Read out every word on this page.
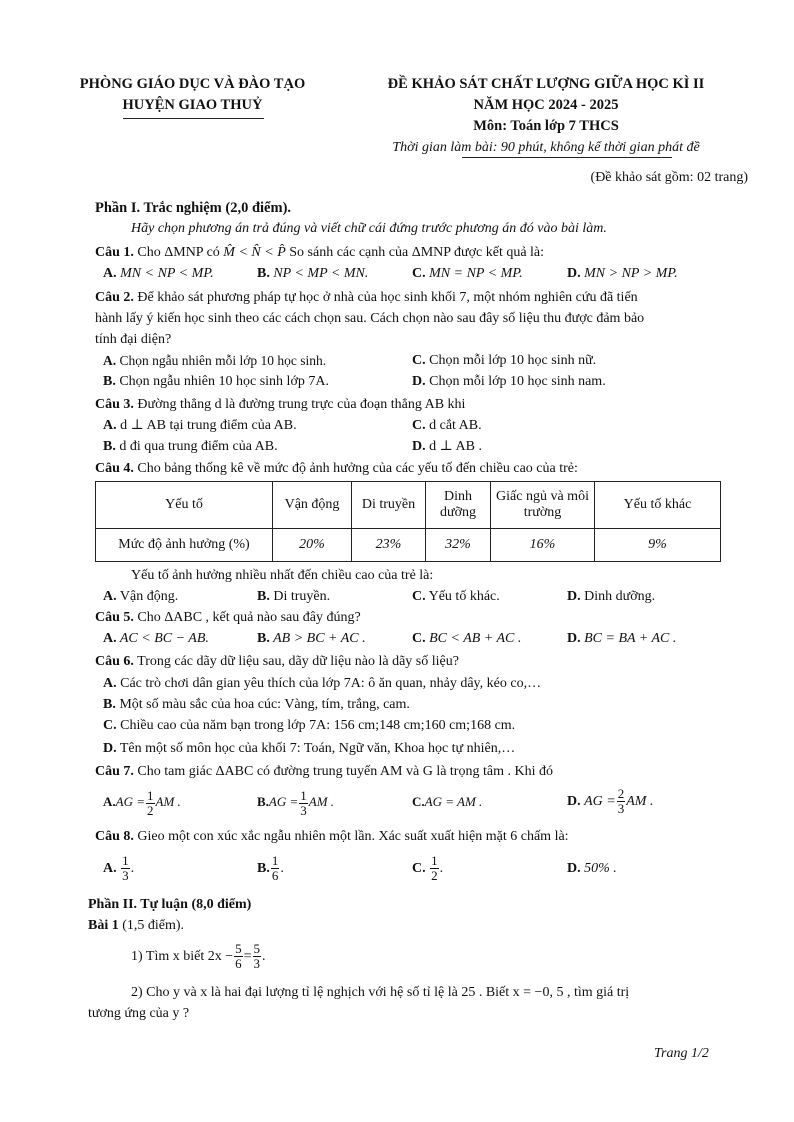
PHÒNG GIÁO DỤC VÀ ĐÀO TẠO
HUYỆN GIAO THUỶ
ĐỀ KHẢO SÁT CHẤT LƯỢNG GIỮA HỌC KÌ II
NĂM HỌC 2024 - 2025
Môn: Toán lớp 7 THCS
Thời gian làm bài: 90 phút, không kể thời gian phát đề
(Đề khảo sát gồm: 02 trang)
Phần I. Trắc nghiệm (2,0 điểm).
Hãy chọn phương án trả đúng và viết chữ cái đứng trước phương án đó vào bài làm.
Câu 1. Cho ΔMNP có M̂ < N̂ < P̂ So sánh các cạnh của ΔMNP được kết quả là:
A. MN < NP < MP.	B. NP < MP < MN.	C. MN = NP < MP.	D. MN > NP > MP.
Câu 2. Để khảo sát phương pháp tự học ở nhà của học sinh khối 7, một nhóm nghiên cứu đã tiến
hành lấy ý kiến học sinh theo các cách chọn sau. Cách chọn nào sau đây số liệu thu được đảm bảo
tính đại diện?
A. Chọn ngẫu nhiên mỗi lớp 10 học sinh.	C. Chọn mỗi lớp 10 học sinh nữ.
B. Chọn ngẫu nhiên 10 học sinh lớp 7A.	D. Chọn mỗi lớp 10 học sinh nam.
Câu 3. Đường thẳng d là đường trung trực của đoạn thẳng AB khi
A. d ⊥ AB tại trung điểm của AB.	C. d cắt AB.
B. d đi qua trung điểm của AB.	D. d ⊥ AB .
Câu 4. Cho bảng thống kê về mức độ ảnh hưởng của các yếu tố đến chiều cao của trẻ:
Yếu tố	Vận động	Di truyền	Dinh dưỡng	Giấc ngủ và môi trường	Yếu tố khác
Mức độ ảnh hưởng (%)	20%	23%	32%	16%	9%
Yếu tố ảnh hưởng nhiều nhất đến chiều cao của trẻ là:
A. Vận động.	B. Di truyền.	C. Yếu tố khác.	D. Dinh dưỡng.
Câu 5. Cho ΔABC , kết quả nào sau đây đúng?
A. AC < BC − AB.	B. AB > BC + AC .	C. BC < AB + AC .	D. BC = BA + AC .
Câu 6. Trong các dãy dữ liệu sau, dãy dữ liệu nào là dãy số liệu?
A. Các trò chơi dân gian yêu thích của lớp 7A: ô ăn quan, nhảy dây, kéo co,…
B. Một số màu sắc của hoa cúc: Vàng, tím, trắng, cam.
C. Chiều cao của năm bạn trong lớp 7A: 156 cm;148 cm;160 cm;168 cm.
D. Tên một số môn học của khối 7: Toán, Ngữ văn, Khoa học tự nhiên,…
Câu 7. Cho tam giác ΔABC có đường trung tuyến AM và G là trọng tâm . Khi đó
$A.AG = \frac{1}{2}$ AM .	$B.AG = \frac{1}{3}$ AM .	C.AG = AM .	D. AG = $\frac{2}{3}$ AM .
Câu 8. Gieo một con xúc xắc ngẫu nhiên một lần. Xác suất xuất hiện mặt 6 chấm là:
A. $\frac{1}{3}$ .	B. $\frac{1}{6}$ .	C. $\frac{1}{2}$ .	D. 50% .
Phần II. Tự luận (8,0 điểm)
Bài 1 (1,5 điểm).
1) Tìm x biết $2x - \frac{5}{6} = \frac{5}{3}$ .
2) Cho y và x là hai đại lượng tỉ lệ nghịch với hệ số tỉ lệ là 25 . Biết x = −0, 5 , tìm giá trị
tương ứng của y ?
Trang 1/2
